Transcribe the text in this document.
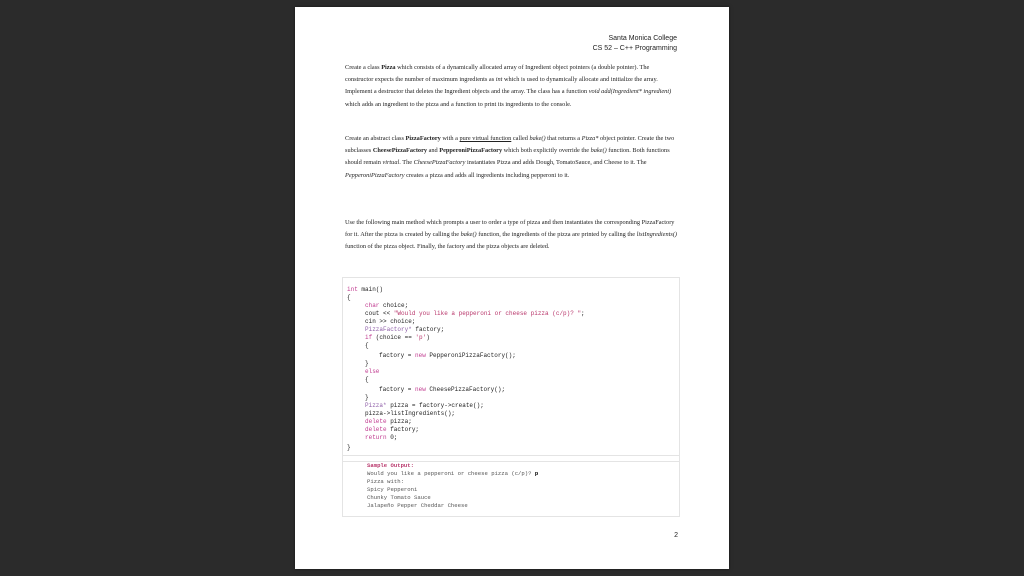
Santa Monica College
CS 52 – C++ Programming

Create a class Pizza which consists of a dynamically allocated array of Ingredient object pointers (a double pointer). The constructor expects the number of maximum ingredients as int which is used to dynamically allocate and initialize the array. Implement a destructor that deletes the Ingredient objects and the array. The class has a function void add(Ingredient* ingredient) which adds an ingredient to the pizza and a function to print its ingredients to the console.

Create an abstract class PizzaFactory with a pure virtual function called bake() that returns a Pizza* object pointer. Create the two subclasses CheesePizzaFactory and PepperoniPizzaFactory which both explicitly override the bake() function. Both functions should remain virtual. The CheesePizzaFactory instantiates Pizza and adds Dough, TomatoSauce, and Cheese to it. The PepperoniPizzaFactory creates a pizza and adds all ingredients including pepperoni to it.

Use the following main method which prompts a user to order a type of pizza and then instantiates the corresponding PizzaFactory for it. After the pizza is created by calling the bake() function, the ingredients of the pizza are printed by calling the listIngredients() function of the pizza object. Finally, the factory and the pizza objects are deleted.

int main()
{
char choice;
cout << "Would you like a pepperoni or cheese pizza (c/p)? ";
cin >> choice;
PizzaFactory* factory;
if (choice == 'p')
{
factory = new PepperoniPizzaFactory();
}
else
{
factory = new CheesePizzaFactory();
}
Pizza* pizza = factory->create();
pizza->listIngredients();
delete pizza;
delete factory;
return 0;
}
Sample Output:
Would you like a pepperoni or cheese pizza (c/p)? p
Pizza with:
Spicy Pepperoni
Chunky Tomato Sauce
Jalapeño Pepper Cheddar Cheese
2
